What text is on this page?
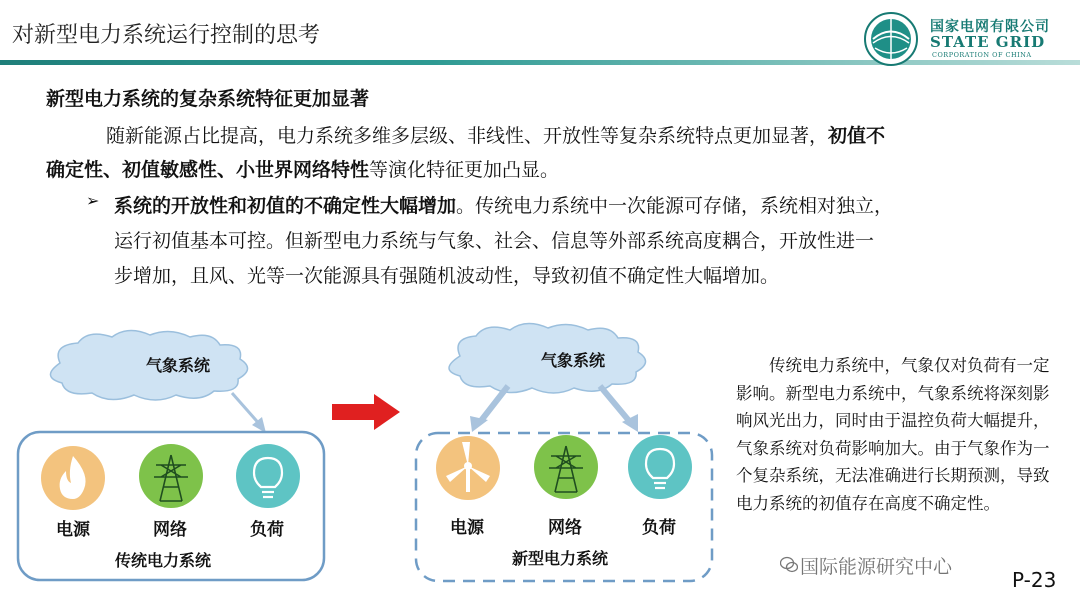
对新型电力系统运行控制的思考	国家电网有限公司
STATE GRID
CORPORATION OF CHINA
新型电力系统的复杂系统特征更加显著
随新能源占比提高，电力系统多维多层级、非线性、开放性等复杂系统特点更加显著，初值不
确定性、初值敏感性、小世界网络特性等演化特征更加凸显。
➢ 系统的开放性和初值的不确定性大幅增加。传统电力系统中一次能源可存储，系统相对独立，
运行初值基本可控。但新型电力系统与气象、社会、信息等外部系统高度耦合，开放性进一
步增加，且风、光等一次能源具有强随机波动性，导致初值不确定性大幅增加。
气象系统
电源	网络	负荷
传统电力系统
气象系统
电源	网络	负荷
新型电力系统
传统电力系统中，气象仅对负荷有一定影响。新型电力系统中，气象系统将深刻影响风光出力，同时由于温控负荷大幅提升，气象系统对负荷影响加大。由于气象作为一个复杂系统，无法准确进行长期预测，导致电力系统的初值存在高度不确定性。
国际能源研究中心
P-23
